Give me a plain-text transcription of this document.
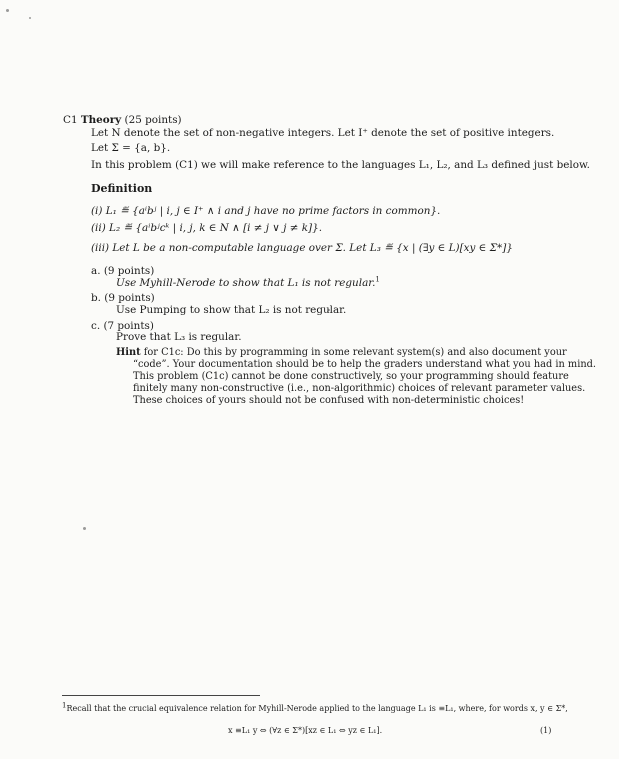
C1 Theory (25 points)
Let N denote the set of non-negative integers. Let I⁺ denote the set of positive integers.
Let Σ = {a, b}.
In this problem (C1) we will make reference to the languages L₁, L₂, and L₃ defined just below.
Definition
(i) L₁ ≝ {aⁱbʲ | i, j ∈ I⁺ ∧ i and j have no prime factors in common}.
(ii) L₂ ≝ {aⁱbʲcᵏ | i, j, k ∈ N ∧ [i ≠ j ∨ j ≠ k]}.
(iii) Let L be a non-computable language over Σ. Let L₃ ≝ {x | (∃y ∈ L)[xy ∈ Σ*]}
a. (9 points)
Use Myhill-Nerode to show that L₁ is not regular.$^1$
b. (9 points)
Use Pumping to show that L₂ is not regular.
c. (7 points)
Prove that L₃ is regular.
Hint for C1c: Do this by programming in some relevant system(s) and also document your
“code”. Your documentation should be to help the graders understand what you had in mind.
This problem (C1c) cannot be done constructively, so your programming should feature
finitely many non-constructive (i.e., non-algorithmic) choices of relevant parameter values.
These choices of yours should not be confused with non-deterministic choices!
$^1$Recall that the crucial equivalence relation for Myhill-Nerode applied to the language L₁ is ≡L₁, where, for words x, y ∈ Σ*,
x ≡L₁ y ⇔ (∀z ∈ Σ*)[xz ∈ L₁ ⇔ yz ∈ L₁].	(1)
